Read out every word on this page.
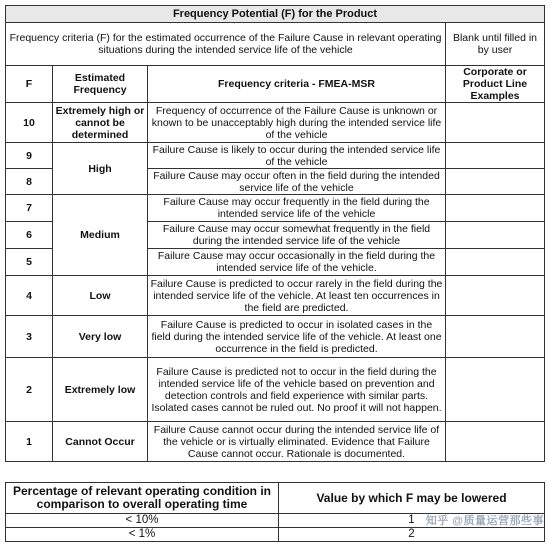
Frequency Potential (F) for the Product			
Frequency criteria (F) for the estimated occurrence of the Failure Cause in relevant operating situations during the intended service life of the vehicle			Blank until filled in by user
F	Estimated Frequency	Frequency criteria - FMEA-MSR	Corporate or Product Line Examples
10	Extremely high or cannot be determined	Frequency of occurrence of the Failure Cause is unknown or known to be unacceptably high during the intended service life of the vehicle	
9	High	Failure Cause is likely to occur during the intended service life of the vehicle	
8		Failure Cause may occur often in the field during the intended service life of the vehicle	
7	Medium	Failure Cause may occur frequently in the field during the intended service life of the vehicle	
6		Failure Cause may occur somewhat frequently in the field during the intended service life of the vehicle	
5		Failure Cause may occur occasionally in the field during the intended service life of the vehicle.	
4	Low	Failure Cause is predicted to occur rarely in the field during the intended service life of the vehicle. At least ten occurrences in the field are predicted.	
3	Very low	Failure Cause is predicted to occur in isolated cases in the field during the intended service life of the vehicle. At least one occurrence in the field is predicted.	
2	Extremely low	Failure Cause is predicted not to occur in the field during the intended service life of the vehicle based on prevention and detection controls and field experience with similar parts. Isolated cases cannot be ruled out. No proof it will not happen.	
1	Cannot Occur	Failure Cause cannot occur during the intended service life of the vehicle or is virtually eliminated. Evidence that Failure Cause cannot occur. Rationale is documented.	
Percentage of relevant operating condition in comparison to overall operating time	Value by which F may be lowered
< 10%	1
< 1%	2
知乎 @质量运营那些事
